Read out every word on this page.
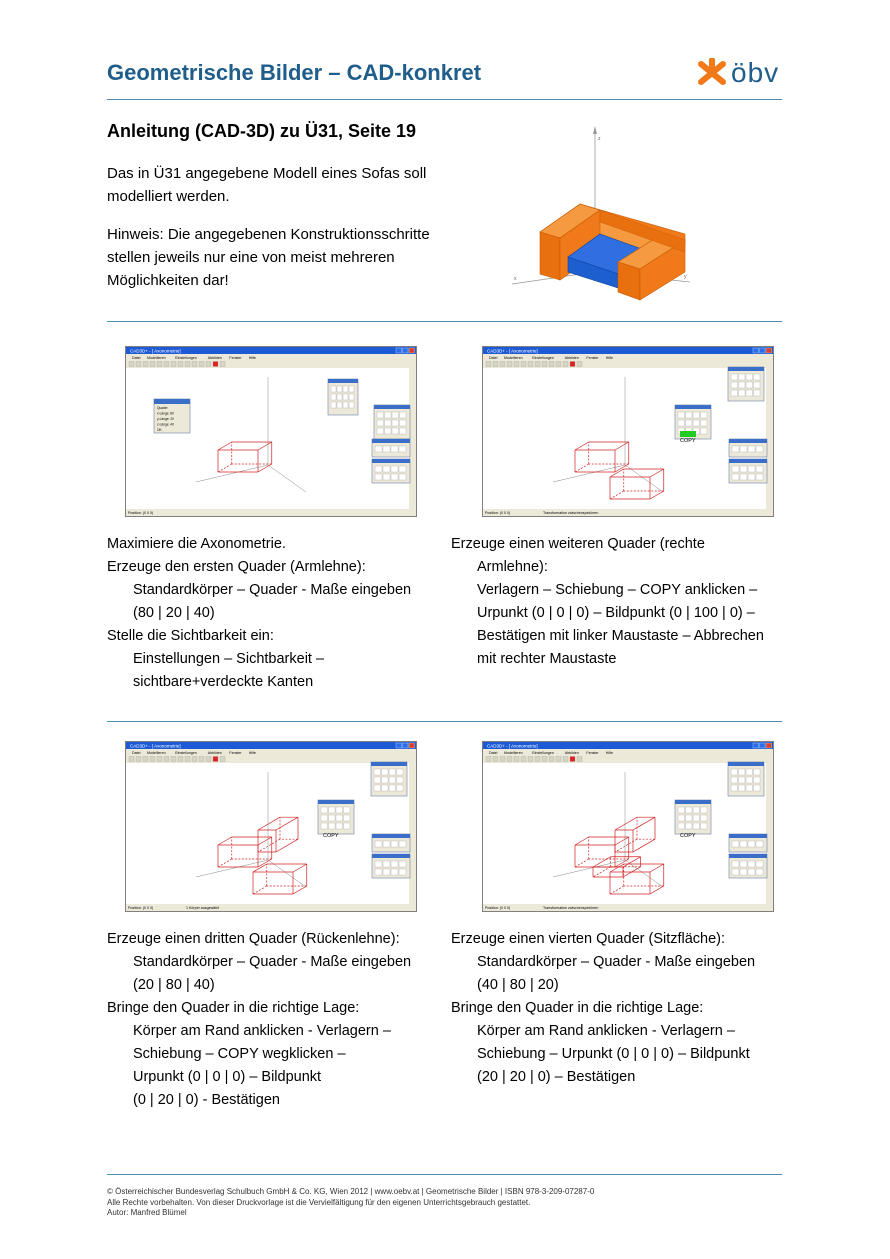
Geometrische Bilder – CAD-konkret	öbv
Anleitung (CAD-3D) zu Ü31, Seite 19
Das in Ü31 angegebene Modell eines Sofas soll modelliert werden.
Hinweis: Die angegebenen Konstruktionsschritte stellen jeweils nur eine von meist mehreren Möglichkeiten dar!
z
x	y
CAD3D+ - [ Axonometrie]
Datei Modellieren	Einstellungen	Abbilden Fenster Hilfe
Position: (0 0 0)
Quader
x-Länge: 80
y-Länge: 20
z-Länge: 40
OK
CAD3D+ - [ Axonometrie]
Datei Modellieren	Einstellungen	Abbilden Fenster Hilfe
Position: (0 0 0)	Transformation zwischenspeichern
COPY
CAD3D+ - [ Axonometrie]
Datei Modellieren	Einstellungen	Abbilden Fenster Hilfe
Position: (0 0 0)	1 Körper ausgewählt
COPY
CAD3D+ - [ Axonometrie]
Datei Modellieren	Einstellungen	Abbilden Fenster Hilfe
Position: (0 0 0)	Transformation zwischenspeichern
COPY
Maximiere die Axonometrie.
Erzeuge den ersten Quader (Armlehne):
Standardkörper – Quader - Maße eingeben
(80 | 20 | 40)
Stelle die Sichtbarkeit ein:
Einstellungen – Sichtbarkeit –
sichtbare+verdeckte Kanten
Erzeuge einen weiteren Quader (rechte
Armlehne):
Verlagern – Schiebung – COPY anklicken –
Urpunkt (0 | 0 | 0) – Bildpunkt (0 | 100 | 0) –
Bestätigen mit linker Maustaste – Abbrechen
mit rechter Maustaste
Erzeuge einen dritten Quader (Rückenlehne):
Standardkörper – Quader - Maße eingeben
(20 | 80 | 40)
Bringe den Quader in die richtige Lage:
Körper am Rand anklicken - Verlagern –
Schiebung – COPY wegklicken –
Urpunkt (0 | 0 | 0) – Bildpunkt
(0 | 20 | 0) - Bestätigen
Erzeuge einen vierten Quader (Sitzfläche):
Standardkörper – Quader - Maße eingeben
(40 | 80 | 20)
Bringe den Quader in die richtige Lage:
Körper am Rand anklicken - Verlagern –
Schiebung – Urpunkt (0 | 0 | 0) – Bildpunkt
(20 | 20 | 0) – Bestätigen
© Österreichischer Bundesverlag Schulbuch GmbH & Co. KG, Wien 2012 | www.oebv.at | Geometrische Bilder | ISBN 978-3-209-07287-0
Alle Rechte vorbehalten. Von dieser Druckvorlage ist die Vervielfältigung für den eigenen Unterrichtsgebrauch gestattet.
Autor: Manfred Blümel
